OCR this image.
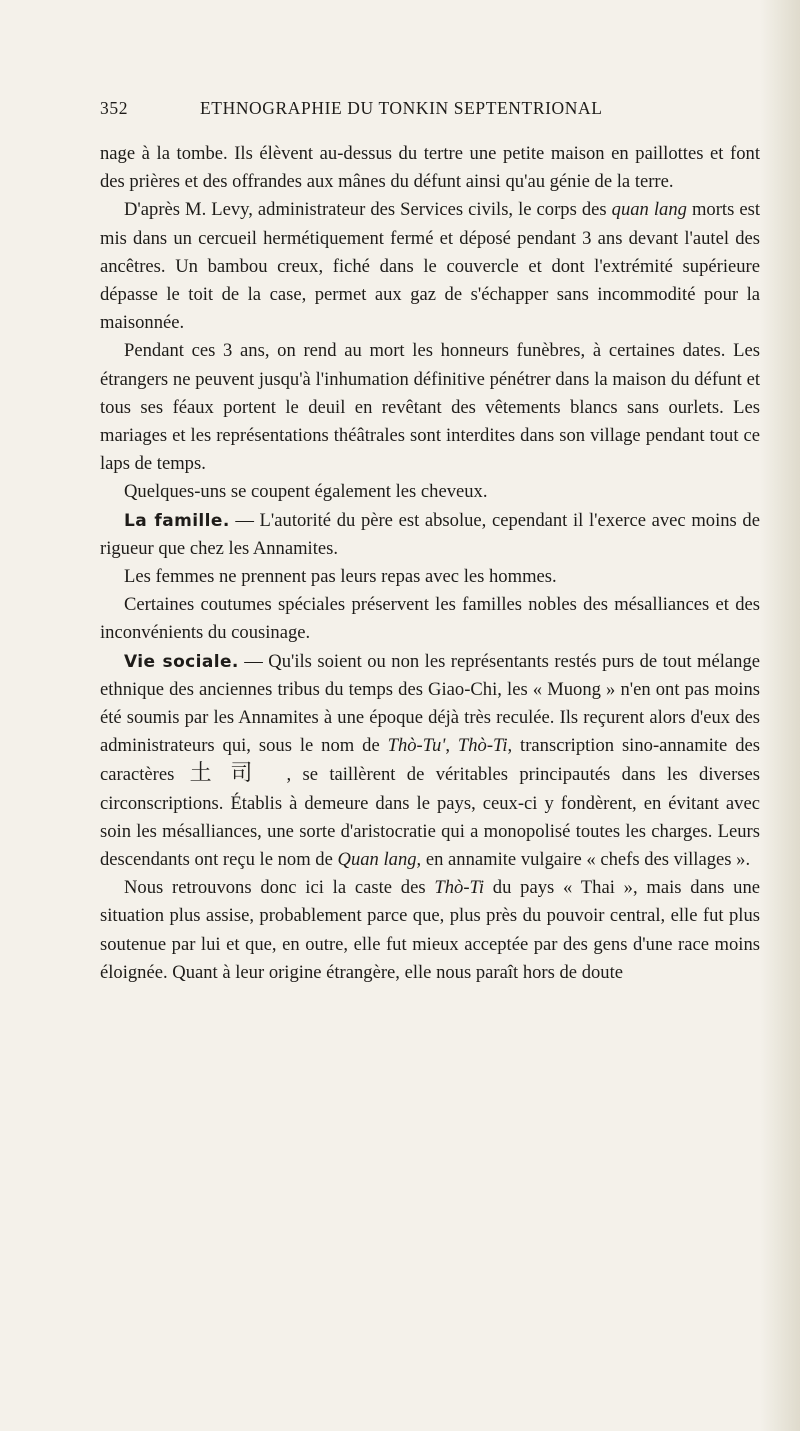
352	ETHNOGRAPHIE DU TONKIN SEPTENTRIONAL

nage à la tombe. Ils élèvent au-dessus du tertre une petite maison en paillottes et font des prières et des offrandes aux mânes du défunt ainsi qu'au génie de la terre.

D'après M. Levy, administrateur des Services civils, le corps des quan lang morts est mis dans un cercueil hermétiquement fermé et déposé pendant 3 ans devant l'autel des ancêtres. Un bambou creux, fiché dans le couvercle et dont l'extrémité supérieure dépasse le toit de la case, permet aux gaz de s'échapper sans incommodité pour la maisonnée.

Pendant ces 3 ans, on rend au mort les honneurs funèbres, à certaines dates. Les étrangers ne peuvent jusqu'à l'inhumation définitive pénétrer dans la maison du défunt et tous ses féaux portent le deuil en revêtant des vêtements blancs sans ourlets. Les mariages et les représentations théâtrales sont interdites dans son village pendant tout ce laps de temps.

Quelques-uns se coupent également les cheveux.

La famille. — L'autorité du père est absolue, cependant il l'exerce avec moins de rigueur que chez les Annamites.

Les femmes ne prennent pas leurs repas avec les hommes.

Certaines coutumes spéciales préservent les familles nobles des mésalliances et des inconvénients du cousinage.

Vie sociale. — Qu'ils soient ou non les représentants restés purs de tout mélange ethnique des anciennes tribus du temps des Giao-Chi, les « Muong » n'en ont pas moins été soumis par les Annamites à une époque déjà très reculée. Ils reçurent alors d'eux des administrateurs qui, sous le nom de Thò-Tu', Thò-Ti, transcription sino-annamite des caractères 土司 , se taillèrent de véritables principautés dans les diverses circonscriptions. Établis à demeure dans le pays, ceux-ci y fondèrent, en évitant avec soin les mésalliances, une sorte d'aristocratie qui a monopolisé toutes les charges. Leurs descendants ont reçu le nom de Quan lang, en annamite vulgaire « chefs des villages ».

Nous retrouvons donc ici la caste des Thò-Ti du pays « Thai », mais dans une situation plus assise, probablement parce que, plus près du pouvoir central, elle fut plus soutenue par lui et que, en outre, elle fut mieux acceptée par des gens d'une race moins éloignée. Quant à leur origine étrangère, elle nous paraît hors de doute
